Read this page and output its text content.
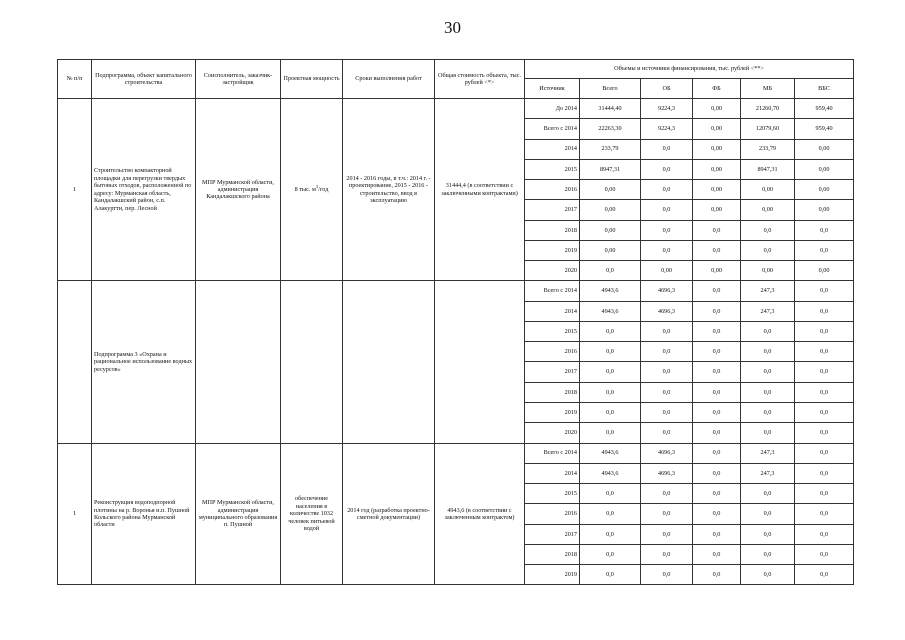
30
№ п/п	Подпрограмма, объект капитального строительства	Соисполнитель, заказчик-застройщик	Проектная мощность	Сроки выполнения работ	Общая стоимость объекта, тыс. рублей <*>	Объемы и источники финансирования, тыс. рублей <**>					
						Источник	Всего	ОБ	ФБ	МБ	ВБС
1	Строительство компакторной площадки для перегрузки твердых бытовых отходов, расположенной по адресу: Мурманская область, Кандалакшский район, с.п. Алакуртти, пер. Лесной	МПР Мурманской области, администрация Кандалакшского района	8 тыс. $м^3$/год	2014 - 2016 годы, в т.ч.: 2014 г. - проектирование, 2015 - 2016 - строительство, ввод в эксплуатацию	31444,4 (в соответствии с заключенными контрактами)	До 2014	31444,40	9224,3	0,00	21260,70	959,40
						Всего с 2014	22263,30	9224,3	0,00	12079,60	959,40
						2014	233,79	0,0	0,00	233,79	0,00
						2015	8947,31	0,0	0,00	8947,31	0,00
						2016	0,00	0,0	0,00	0,00	0,00
						2017	0,00	0,0	0,00	0,00	0,00
						2018	0,00	0,0	0,0	0,0	0,0
						2019	0,00	0,0	0,0	0,0	0,0
						2020	0,0	0,00	0,00	0,00	0,00
	Подпрограмма 3 «Охрана и рациональное использование водных ресурсов»					Всего с 2014	4943,6	4696,3	0,0	247,3	0,0
						2014	4943,6	4696,3	0,0	247,3	0,0
						2015	0,0	0,0	0,0	0,0	0,0
						2016	0,0	0,0	0,0	0,0	0,0
						2017	0,0	0,0	0,0	0,0	0,0
						2018	0,0	0,0	0,0	0,0	0,0
						2019	0,0	0,0	0,0	0,0	0,0
						2020	0,0	0,0	0,0	0,0	0,0
1	Реконструкция водоподпорной плотины на р. Воронья и.п. Пушной Кольского района Мурманской области	МПР Мурманской области, администрация муниципального образования п. Пушной	обеспечение населения в количестве 1032 человек питьевой водой	2014 год (разработка проектно-сметной документации)	4943,6 (в соответствии с заключенным контрактом)	Всего с 2014	4943,6	4696,3	0,0	247,3	0,0
						2014	4943,6	4696,3	0,0	247,3	0,0
						2015	0,0	0,0	0,0	0,0	0,0
						2016	0,0	0,0	0,0	0,0	0,0
						2017	0,0	0,0	0,0	0,0	0,0
						2018	0,0	0,0	0,0	0,0	0,0
						2019	0,0	0,0	0,0	0,0	0,0
